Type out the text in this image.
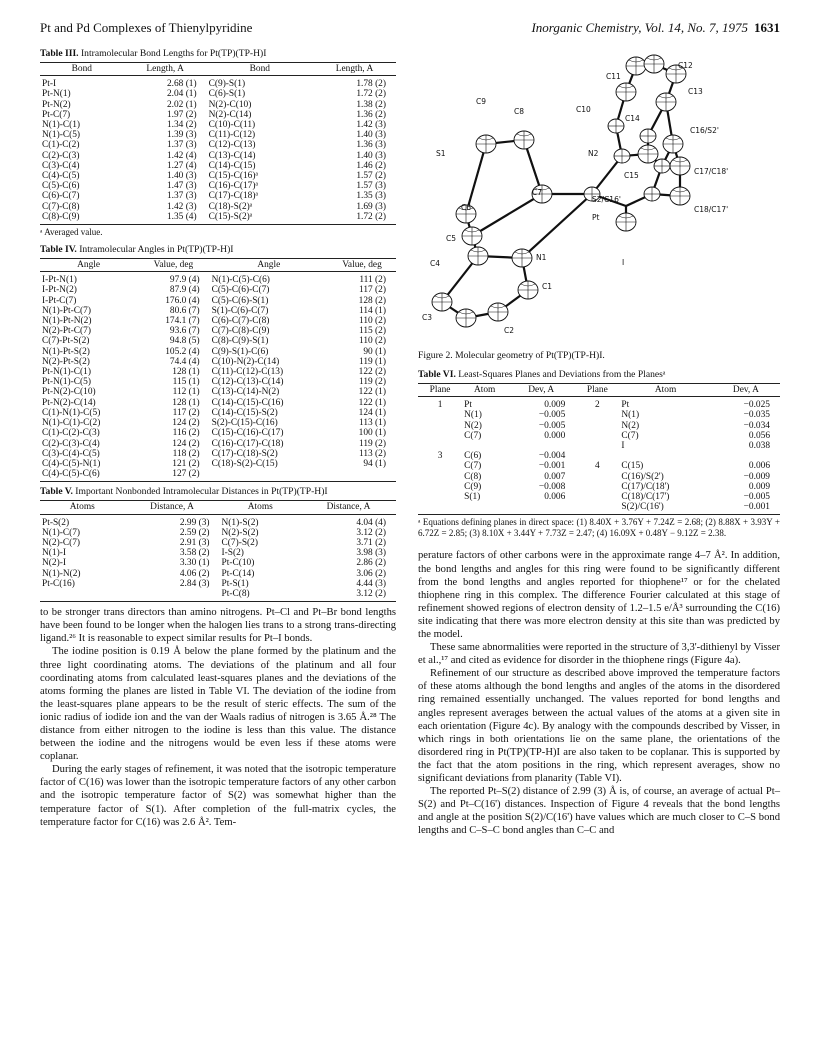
Pt and Pd Complexes of Thienylpyridine	Inorganic Chemistry, Vol. 14, No. 7, 1975 1631
Table III. Intramolecular Bond Lengths for Pt(TP)(TP-H)I
Bond	Length, A	Bond	Length, A
Pt-I	2.68 (1)	C(9)-S(1)	1.78 (2)
Pt-N(1)	2.04 (1)	C(6)-S(1)	1.72 (2)
Pt-N(2)	2.02 (1)	N(2)-C(10)	1.38 (2)
Pt-C(7)	1.97 (2)	N(2)-C(14)	1.36 (2)
N(1)-C(1)	1.34 (2)	C(10)-C(11)	1.42 (3)
N(1)-C(5)	1.39 (3)	C(11)-C(12)	1.40 (3)
C(1)-C(2)	1.37 (3)	C(12)-C(13)	1.36 (3)
C(2)-C(3)	1.42 (4)	C(13)-C(14)	1.40 (3)
C(3)-C(4)	1.27 (4)	C(14)-C(15)	1.46 (2)
C(4)-C(5)	1.40 (3)	C(15)-C(16)ᵃ	1.57 (2)
C(5)-C(6)	1.47 (3)	C(16)-C(17)ᵃ	1.57 (3)
C(6)-C(7)	1.37 (3)	C(17)-C(18)ᵃ	1.35 (3)
C(7)-C(8)	1.42 (3)	C(18)-S(2)ᵃ	1.69 (3)
C(8)-C(9)	1.35 (4)	C(15)-S(2)ᵃ	1.72 (2)
ᵃ Averaged value.
Table IV. Intramolecular Angles in Pt(TP)(TP-H)I
Angle	Value, deg	Angle	Value, deg
I-Pt-N(1)	97.9 (4)	N(1)-C(5)-C(6)	111 (2)
I-Pt-N(2)	87.9 (4)	C(5)-C(6)-C(7)	117 (2)
I-Pt-C(7)	176.0 (4)	C(5)-C(6)-S(1)	128 (2)
N(1)-Pt-C(7)	80.6 (7)	S(1)-C(6)-C(7)	114 (1)
N(1)-Pt-N(2)	174.1 (7)	C(6)-C(7)-C(8)	110 (2)
N(2)-Pt-C(7)	93.6 (7)	C(7)-C(8)-C(9)	115 (2)
C(7)-Pt-S(2)	94.8 (5)	C(8)-C(9)-S(1)	110 (2)
N(1)-Pt-S(2)	105.2 (4)	C(9)-S(1)-C(6)	90 (1)
N(2)-Pt-S(2)	74.4 (4)	C(10)-N(2)-C(14)	119 (1)
Pt-N(1)-C(1)	128 (1)	C(11)-C(12)-C(13)	122 (2)
Pt-N(1)-C(5)	115 (1)	C(12)-C(13)-C(14)	119 (2)
Pt-N(2)-C(10)	112 (1)	C(13)-C(14)-N(2)	122 (1)
Pt-N(2)-C(14)	128 (1)	C(14)-C(15)-C(16)	122 (1)
C(1)-N(1)-C(5)	117 (2)	C(14)-C(15)-S(2)	124 (1)
N(1)-C(1)-C(2)	124 (2)	S(2)-C(15)-C(16)	113 (1)
C(1)-C(2)-C(3)	116 (2)	C(15)-C(16)-C(17)	100 (1)
C(2)-C(3)-C(4)	124 (2)	C(16)-C(17)-C(18)	119 (2)
C(3)-C(4)-C(5)	118 (2)	C(17)-C(18)-S(2)	113 (2)
C(4)-C(5)-N(1)	121 (2)	C(18)-S(2)-C(15)	94 (1)
C(4)-C(5)-C(6)	127 (2)		
Table V. Important Nonbonded Intramolecular Distances in Pt(TP)(TP-H)I
Atoms	Distance, A	Atoms	Distance, A
Pt-S(2)	2.99 (3)	N(1)-S(2)	4.04 (4)
N(1)-C(7)	2.59 (2)	N(2)-S(2)	3.12 (2)
N(2)-C(7)	2.91 (3)	C(7)-S(2)	3.71 (2)
N(1)-I	3.58 (2)	I-S(2)	3.98 (3)
N(2)-I	3.30 (1)	Pt-C(10)	2.86 (2)
N(1)-N(2)	4.06 (2)	Pt-C(14)	3.06 (2)
Pt-C(16)	2.84 (3)	Pt-S(1)	4.44 (3)
		Pt-C(8)	3.12 (2)

to be stronger trans directors than amino nitrogens. Pt–Cl and Pt–Br bond lengths have been found to be longer when the halogen lies trans to a strong trans-directing ligand.²⁶ It is reasonable to expect similar results for Pt–I bonds.

The iodine position is 0.19 Å below the plane formed by the platinum and the three light coordinating atoms. The deviations of the platinum and all four coordinating atoms from calculated least-squares planes and the deviations of the atoms forming the planes are listed in Table VI. The deviation of the iodine from the least-squares plane appears to be the result of steric effects. The sum of the ionic radius of iodide ion and the van der Waals radius of nitrogen is 3.65 Å.²⁸ The distance from either nitrogen to the iodine is less than this value. The distance between the iodine and the nitrogens would be even less if these atoms were coplanar.

During the early stages of refinement, it was noted that the isotropic temperature factor of C(16) was lower than the isotropic temperature factors of any other carbon and the isotropic temperature factor of S(2) was somewhat higher than the temperature factor of S(1). After completion of the full-matrix cycles, the temperature factor for C(16) was 2.6 Å². Tem-

C11
C12
C13
C9
C8	C10
C14
C16/S2'
S1	N2
C15	C17/C18'
C7
S2/C16'
C6
Pt
C18/C17'
C5
N1
C4	I
C1
C3
C2
Figure 2. Molecular geometry of Pt(TP)(TP-H)I.
Table VI. Least-Squares Planes and Deviations from the Planesᵃ
Plane	Atom	Dev, A	Plane	Atom	Dev, A
1	Pt	0.009	2	Pt	−0.025
	N(1)	−0.005		N(1)	−0.035
	N(2)	−0.005		N(2)	−0.034
	C(7)	0.000		C(7)	0.056
				I	0.038
3	C(6)	−0.004			
	C(7)	−0.001	4	C(15)	0.006
	C(8)	0.007		C(16)/S(2')	−0.009
	C(9)	−0.008		C(17)/C(18')	0.009
	S(1)	0.006		C(18)/C(17')	−0.005
				S(2)/C(16')	−0.001
ᵃ Equations defining planes in direct space: (1) 8.40X + 3.76Y + 7.24Z = 2.68; (2) 8.88X + 3.93Y + 6.72Z = 2.85; (3) 8.10X + 3.44Y + 7.73Z = 2.47; (4) 16.09X + 0.48Y − 9.12Z = 2.38.

perature factors of other carbons were in the approximate range 4–7 Å². In addition, the bond lengths and angles for this ring were found to be significantly different from the bond lengths and angles reported for thiophene¹⁷ or for the chelated thiophene ring in this complex. The difference Fourier calculated at this stage of refinement showed regions of electron density of 1.2–1.5 e/Å³ surrounding the C(16) site indicating that there was more electron density at this site than was predicted by the model.

These same abnormalities were reported in the structure of 3,3'-dithienyl by Visser et al.,¹⁷ and cited as evidence for disorder in the thiophene rings (Figure 4a).

Refinement of our structure as described above improved the temperature factors of these atoms although the bond lengths and angles of the atoms in the disordered ring remained essentially unchanged. The values reported for bond lengths and angles represent averages between the actual values of the atoms at a given site in each orientation (Figure 4c). By analogy with the compounds described by Visser, in which rings in both orientations lie on the same plane, the orientations of the disordered ring in Pt(TP)(TP-H)I are also taken to be coplanar. This is supported by the fact that the atom positions in the ring, which represent averages, show no significant deviations from planarity (Table VI).

The reported Pt–S(2) distance of 2.99 (3) Å is, of course, an average of actual Pt–S(2) and Pt–C(16') distances. Inspection of Figure 4 reveals that the bond lengths and angle at the position S(2)/C(16') have values which are much closer to C–S bond lengths and C–S–C bond angles than C–C and
